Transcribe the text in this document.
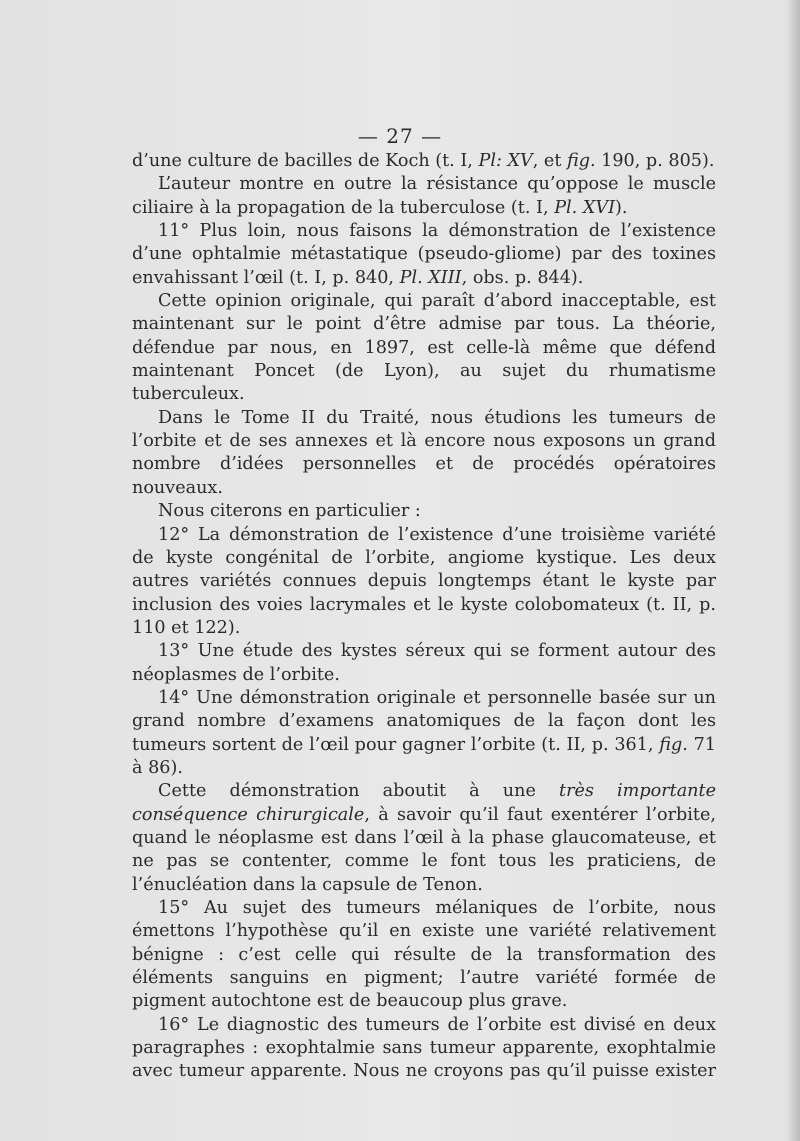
— 27 —

d’une culture de bacilles de Koch (t. I, Pl: XV, et fig. 190, p. 805).

L’auteur montre en outre la résistance qu’oppose le muscle ciliaire à la propagation de la tuberculose (t. I, Pl. XVI).

11° Plus loin, nous faisons la démonstration de l’existence d’une ophtalmie métastatique (pseudo-gliome) par des toxines envahissant l’œil (t. I, p. 840, Pl. XIII, obs. p. 844).

Cette opinion originale, qui paraît d’abord inacceptable, est maintenant sur le point d’être admise par tous. La théorie, défendue par nous, en 1897, est celle-là même que défend maintenant Poncet (de Lyon), au sujet du rhumatisme tuberculeux.

Dans le Tome II du Traité, nous étudions les tumeurs de l’orbite et de ses annexes et là encore nous exposons un grand nombre d’idées personnelles et de procédés opératoires nouveaux.

Nous citerons en particulier :

12° La démonstration de l’existence d’une troisième variété de kyste congénital de l’orbite, angiome kystique. Les deux autres variétés connues depuis longtemps étant le kyste par inclusion des voies lacrymales et le kyste colobomateux (t. II, p. 110 et 122).

13° Une étude des kystes séreux qui se forment autour des néoplasmes de l’orbite.

14° Une démonstration originale et personnelle basée sur un grand nombre d’examens anatomiques de la façon dont les tumeurs sortent de l’œil pour gagner l’orbite (t. II, p. 361, fig. 71 à 86).

Cette démonstration aboutit à une très importante conséquence chirurgicale, à savoir qu’il faut exentérer l’orbite, quand le néoplasme est dans l’œil à la phase glaucomateuse, et ne pas se contenter, comme le font tous les praticiens, de l’énucléation dans la capsule de Tenon.

15° Au sujet des tumeurs mélaniques de l’orbite, nous émettons l’hypothèse qu’il en existe une variété relativement bénigne : c’est celle qui résulte de la transformation des éléments sanguins en pigment; l’autre variété formée de pigment autochtone est de beaucoup plus grave.

16° Le diagnostic des tumeurs de l’orbite est divisé en deux paragraphes : exophtalmie sans tumeur apparente, exophtalmie avec tumeur apparente. Nous ne croyons pas qu’il puisse exister
